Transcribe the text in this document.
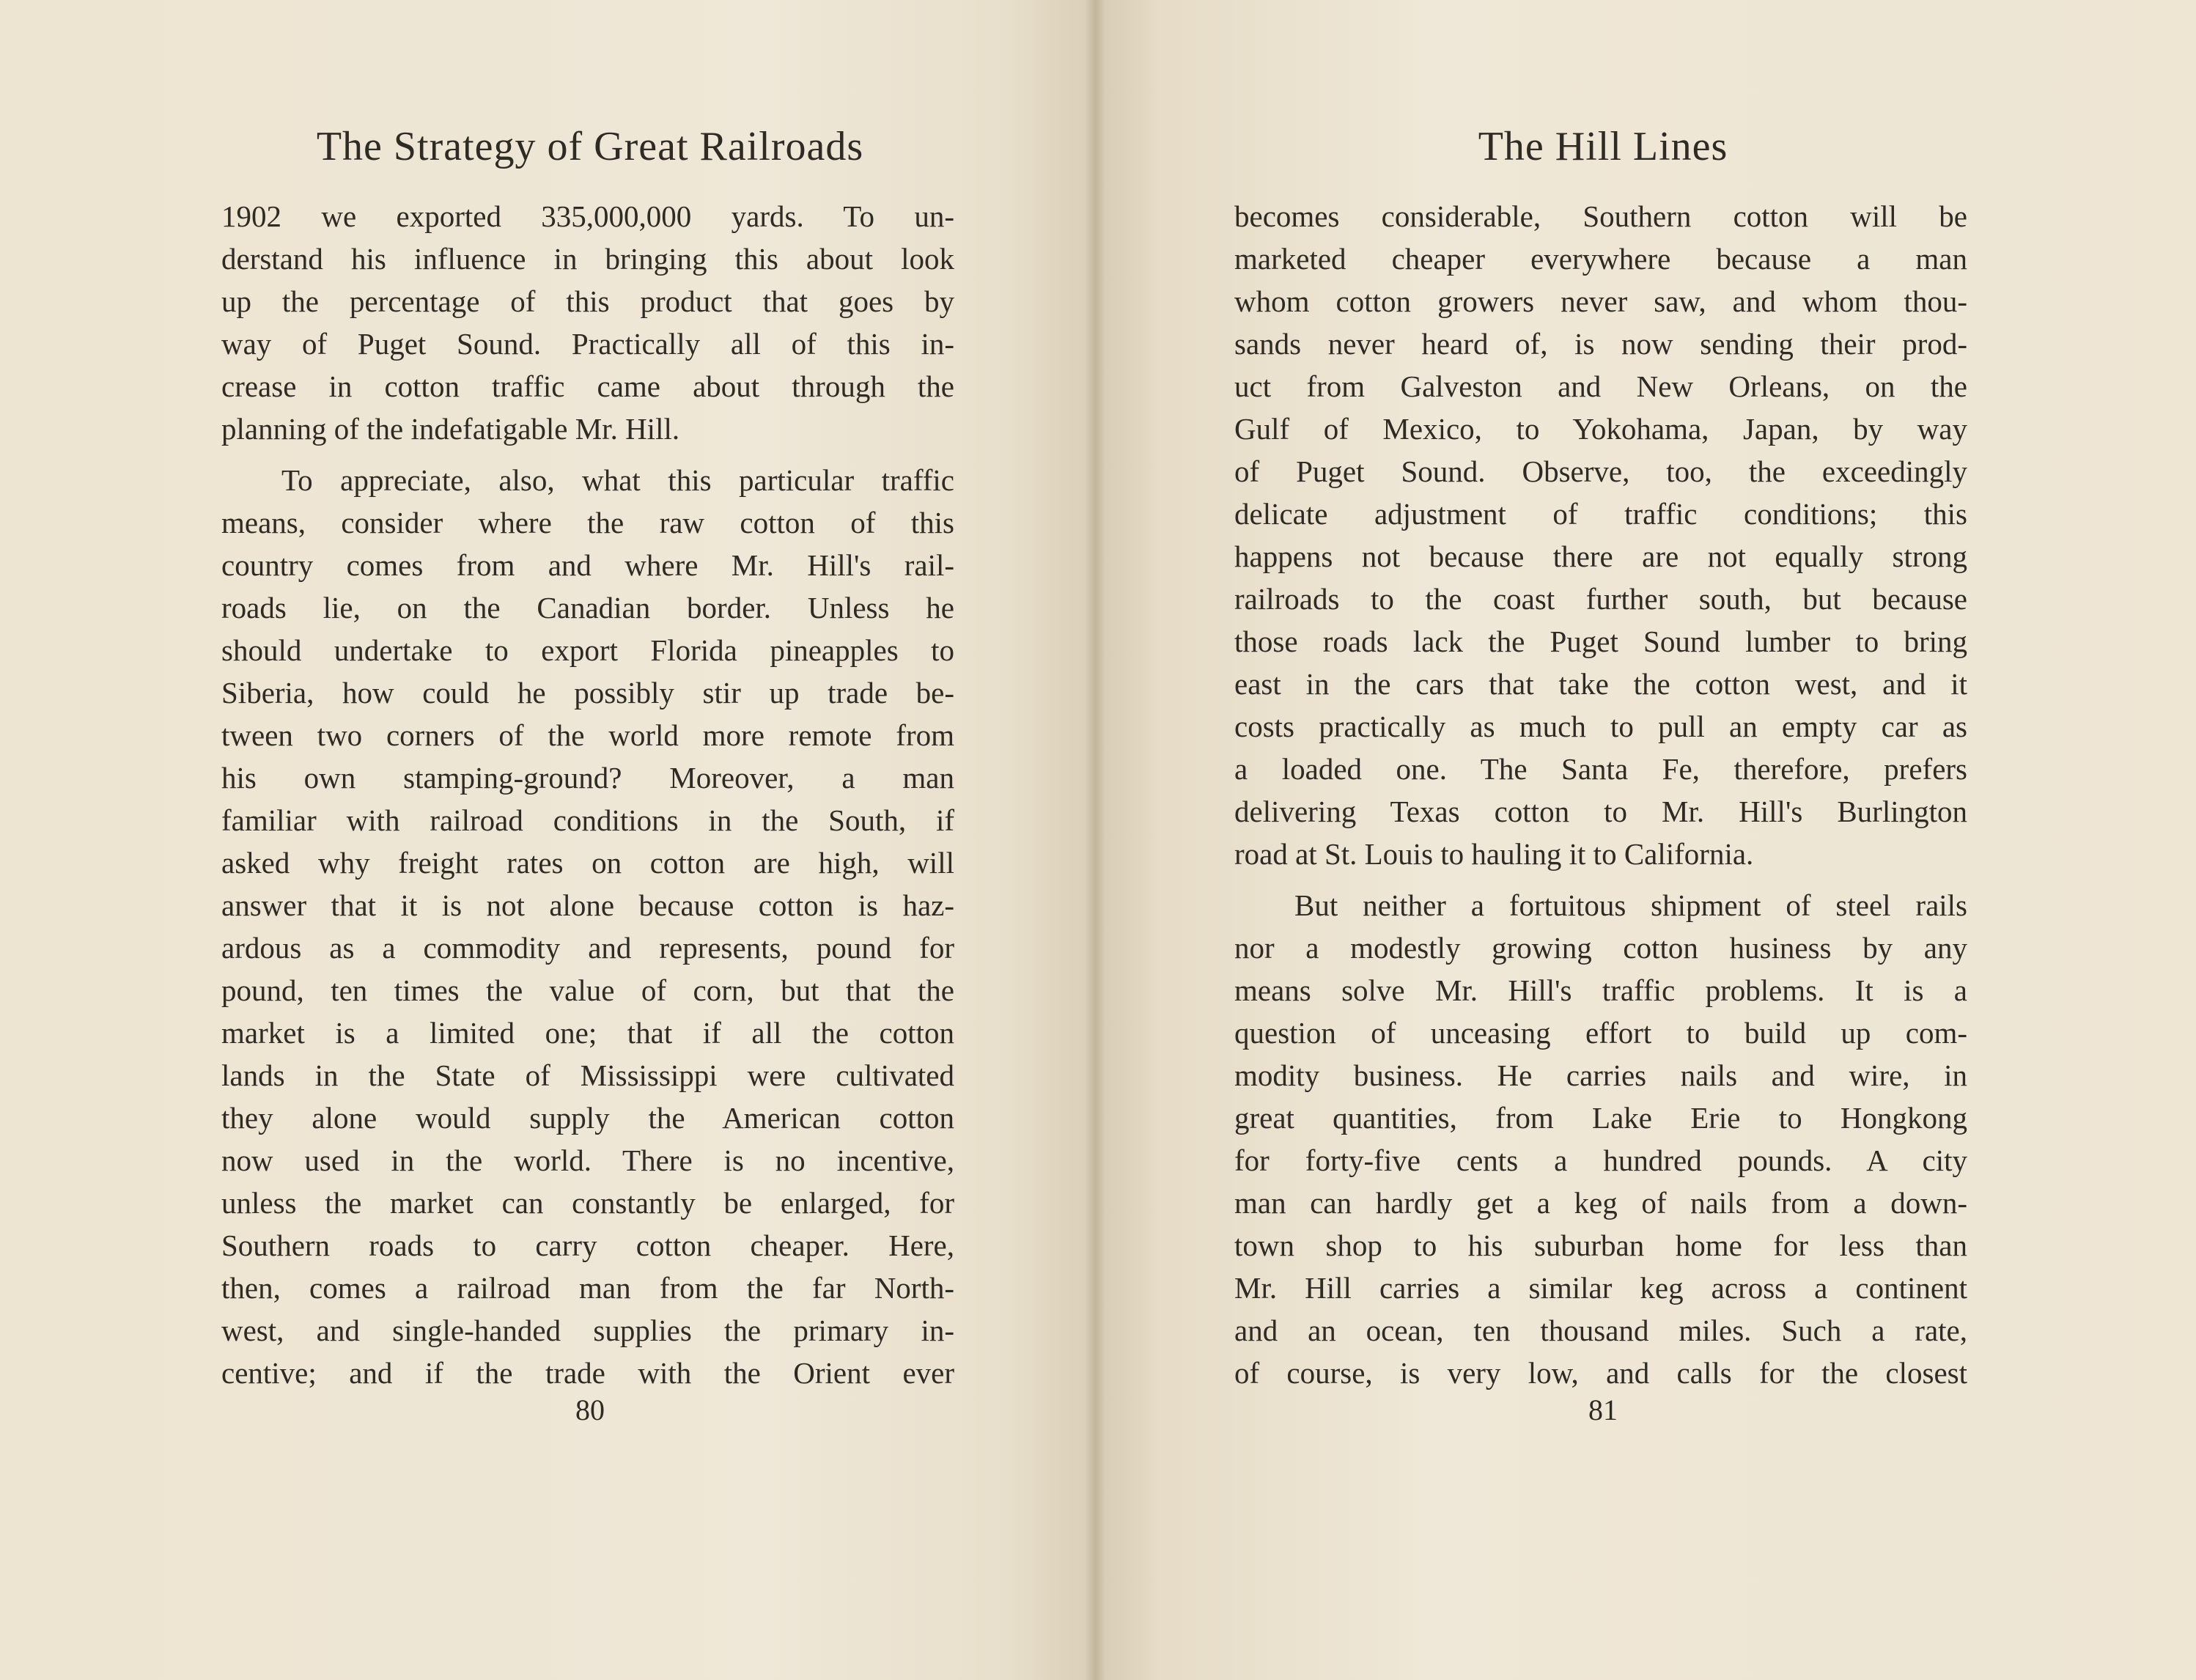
The Strategy of Great Railroads
1902 we exported 335,000,000 yards. To un-
derstand his influence in bringing this about look
up the percentage of this product that goes by
way of Puget Sound. Practically all of this in-
crease in cotton traffic came about through the
planning of the indefatigable Mr. Hill.
To appreciate, also, what this particular traffic
means, consider where the raw cotton of this
country comes from and where Mr. Hill's rail-
roads lie, on the Canadian border. Unless he
should undertake to export Florida pineapples to
Siberia, how could he possibly stir up trade be-
tween two corners of the world more remote from
his own stamping-ground? Moreover, a man
familiar with railroad conditions in the South, if
asked why freight rates on cotton are high, will
answer that it is not alone because cotton is haz-
ardous as a commodity and represents, pound for
pound, ten times the value of corn, but that the
market is a limited one; that if all the cotton
lands in the State of Mississippi were cultivated
they alone would supply the American cotton
now used in the world. There is no incentive,
unless the market can constantly be enlarged, for
Southern roads to carry cotton cheaper. Here,
then, comes a railroad man from the far North-
west, and single-handed supplies the primary in-
centive; and if the trade with the Orient ever

80

The Hill Lines
becomes considerable, Southern cotton will be
marketed cheaper everywhere because a man
whom cotton growers never saw, and whom thou-
sands never heard of, is now sending their prod-
uct from Galveston and New Orleans, on the
Gulf of Mexico, to Yokohama, Japan, by way
of Puget Sound. Observe, too, the exceedingly
delicate adjustment of traffic conditions; this
happens not because there are not equally strong
railroads to the coast further south, but because
those roads lack the Puget Sound lumber to bring
east in the cars that take the cotton west, and it
costs practically as much to pull an empty car as
a loaded one. The Santa Fe, therefore, prefers
delivering Texas cotton to Mr. Hill's Burlington
road at St. Louis to hauling it to California.
But neither a fortuitous shipment of steel rails
nor a modestly growing cotton husiness by any
means solve Mr. Hill's traffic problems. It is a
question of unceasing effort to build up com-
modity business. He carries nails and wire, in
great quantities, from Lake Erie to Hongkong
for forty-five cents a hundred pounds. A city
man can hardly get a keg of nails from a down-
town shop to his suburban home for less than
Mr. Hill carries a similar keg across a continent
and an ocean, ten thousand miles. Such a rate,
of course, is very low, and calls for the closest

81
